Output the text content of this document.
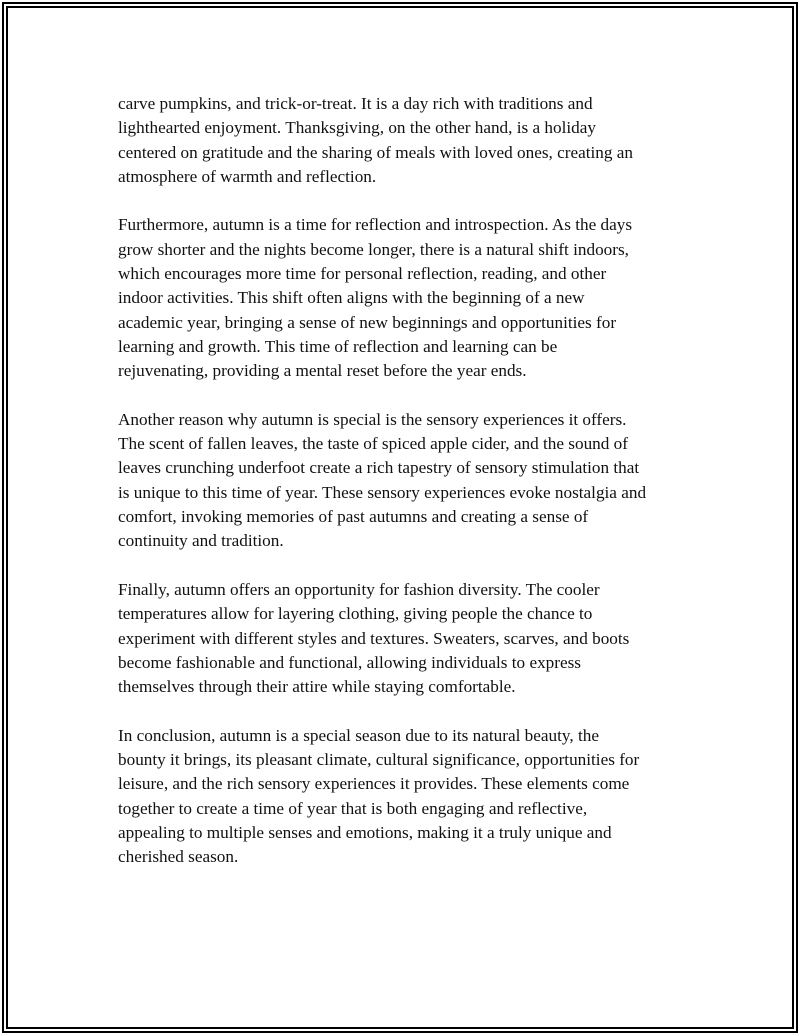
carve pumpkins, and trick-or-treat. It is a day rich with traditions and
lighthearted enjoyment. Thanksgiving, on the other hand, is a holiday
centered on gratitude and the sharing of meals with loved ones, creating an
atmosphere of warmth and reflection.

Furthermore, autumn is a time for reflection and introspection. As the days
grow shorter and the nights become longer, there is a natural shift indoors,
which encourages more time for personal reflection, reading, and other
indoor activities. This shift often aligns with the beginning of a new
academic year, bringing a sense of new beginnings and opportunities for
learning and growth. This time of reflection and learning can be
rejuvenating, providing a mental reset before the year ends.

Another reason why autumn is special is the sensory experiences it offers.
The scent of fallen leaves, the taste of spiced apple cider, and the sound of
leaves crunching underfoot create a rich tapestry of sensory stimulation that
is unique to this time of year. These sensory experiences evoke nostalgia and
comfort, invoking memories of past autumns and creating a sense of
continuity and tradition.

Finally, autumn offers an opportunity for fashion diversity. The cooler
temperatures allow for layering clothing, giving people the chance to
experiment with different styles and textures. Sweaters, scarves, and boots
become fashionable and functional, allowing individuals to express
themselves through their attire while staying comfortable.

In conclusion, autumn is a special season due to its natural beauty, the
bounty it brings, its pleasant climate, cultural significance, opportunities for
leisure, and the rich sensory experiences it provides. These elements come
together to create a time of year that is both engaging and reflective,
appealing to multiple senses and emotions, making it a truly unique and
cherished season.
